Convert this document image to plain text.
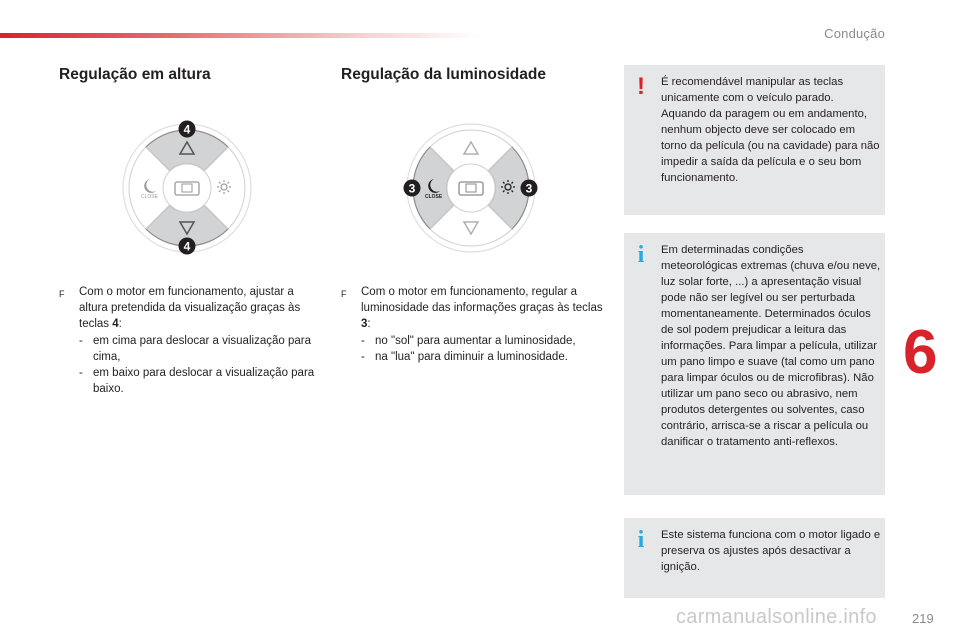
Condução
Regulação em altura
CLOSE
4
4
F	Com o motor em funcionamento, ajustar a altura pretendida da visualização graças às teclas 4:
- em cima para deslocar a visualização para cima,
- em baixo para deslocar a visualização para baixo.
Regulação da luminosidade
CLOSE
3	3
F	Com o motor em funcionamento, regular a luminosidade das informações graças às teclas 3:
- no "sol" para aumentar a luminosidade,
- na "lua" para diminuir a luminosidade.
! É recomendável manipular as teclas unicamente com o veículo parado. Aquando da paragem ou em andamento, nenhum objecto deve ser colocado em torno da película (ou na cavidade) para não impedir a saída da película e o seu bom funcionamento.
i	Em determinadas condições meteorológicas extremas (chuva e/ou neve, luz solar forte, ...) a apresentação visual pode não ser legível ou ser perturbada momentaneamente. Determinados óculos de sol podem prejudicar a leitura das informações. Para limpar a película, utilizar um pano limpo e suave (tal como um pano para limpar óculos ou de microfibras). Não utilizar um pano seco ou abrasivo, nem produtos detergentes ou solventes, caso contrário, arrisca-se a riscar a película ou danificar o tratamento anti-reflexos.
i	Este sistema funciona com o motor ligado e preserva os ajustes após desactivar a ignição.
6
219
carmanualsonline.info
